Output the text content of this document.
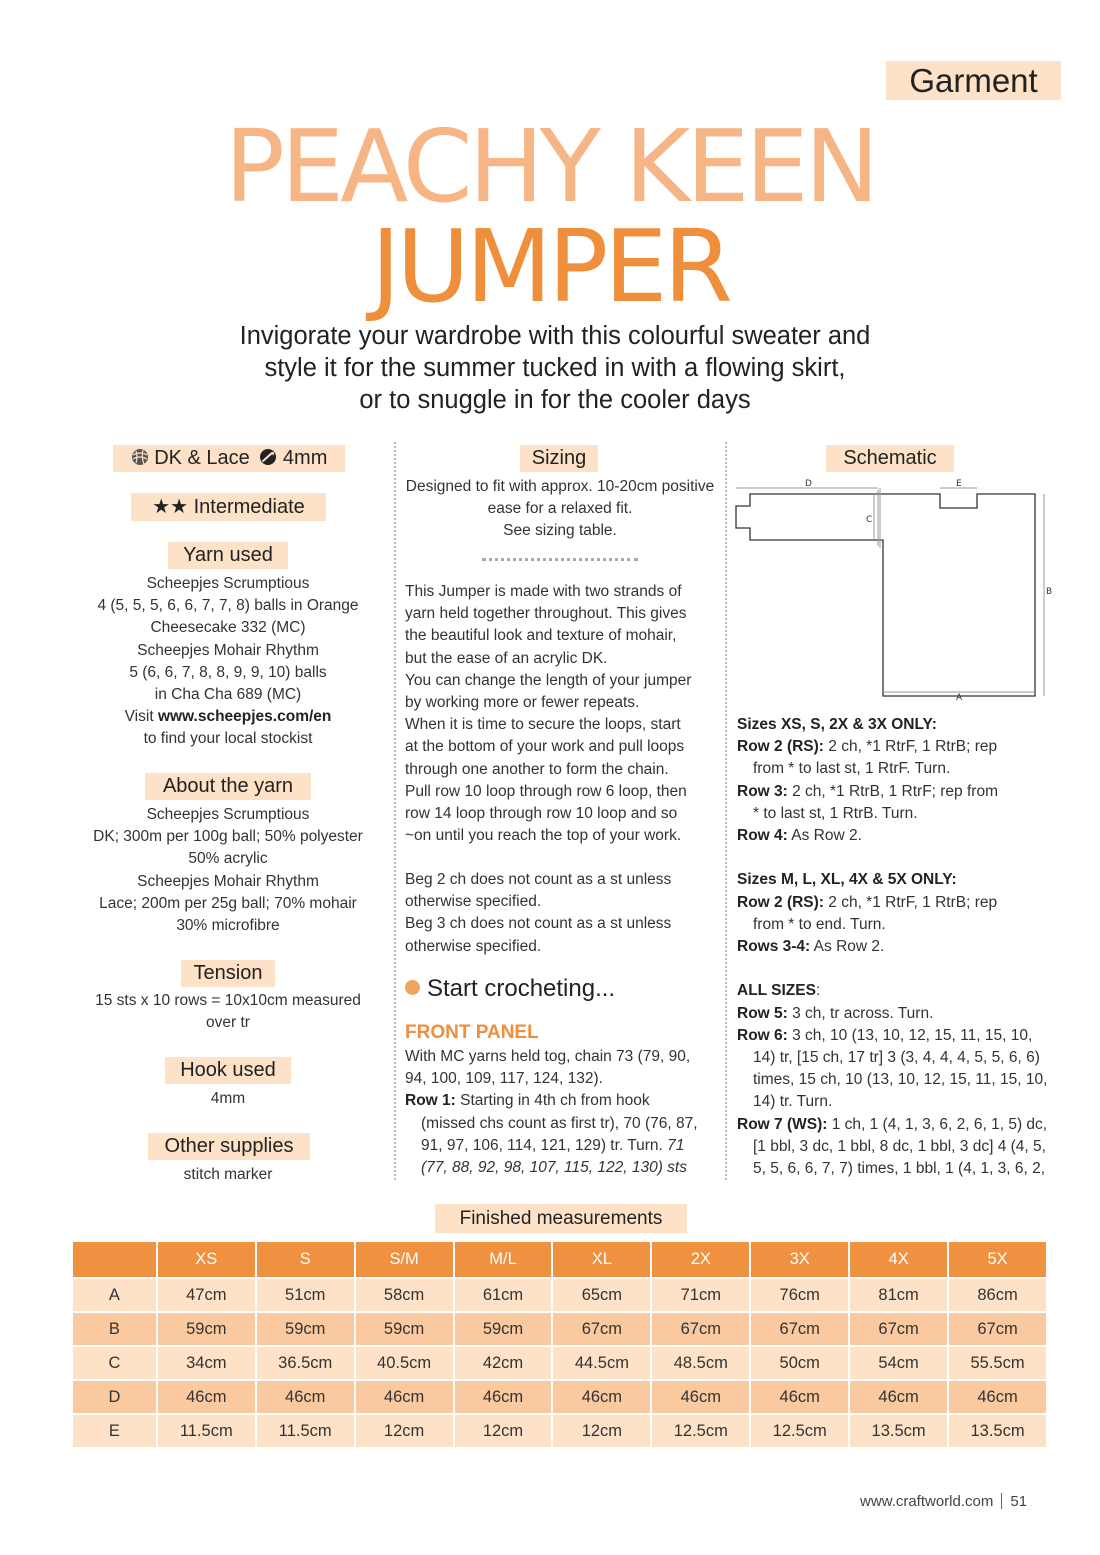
Garment
PEACHY KEEN
JUMPER
Invigorate your wardrobe with this colourful sweater and
style it for the summer tucked in with a flowing skirt,
or to snuggle in for the cooler days
DK & Lace 4mm
★★ Intermediate
Yarn used
Scheepjes Scrumptious
4 (5, 5, 5, 6, 6, 7, 7, 8) balls in Orange
Cheesecake 332 (MC)
Scheepjes Mohair Rhythm
5 (6, 6, 7, 8, 8, 9, 9, 10) balls
in Cha Cha 689 (MC)
Visit www.scheepjes.com/en
to find your local stockist
About the yarn
Scheepjes Scrumptious
DK; 300m per 100g ball; 50% polyester
50% acrylic
Scheepjes Mohair Rhythm
Lace; 200m per 25g ball; 70% mohair
30% microfibre
Tension
15 sts x 10 rows = 10x10cm measured
over tr
Hook used
4mm
Other supplies
stitch marker
Sizing
Designed to fit with approx. 10-20cm positive
ease for a relaxed fit.
See sizing table.
This Jumper is made with two strands of
yarn held together throughout. This gives
the beautiful look and texture of mohair,
but the ease of an acrylic DK.
You can change the length of your jumper
by working more or fewer repeats.
When it is time to secure the loops, start
at the bottom of your work and pull loops
through one another to form the chain.
Pull row 10 loop through row 6 loop, then
row 14 loop through row 10 loop and so
~on until you reach the top of your work.
Beg 2 ch does not count as a st unless
otherwise specified.
Beg 3 ch does not count as a st unless
otherwise specified.
Start crocheting...
FRONT PANEL
With MC yarns held tog, chain 73 (79, 90,
94, 100, 109, 117, 124, 132).
Row 1: Starting in 4th ch from hook
(missed chs count as first tr), 70 (76, 87,
91, 97, 106, 114, 121, 129) tr. Turn. 71
(77, 88, 92, 98, 107, 115, 122, 130) sts
Schematic
D	E
C
B
A
Sizes XS, S, 2X & 3X ONLY:
Row 2 (RS): 2 ch, *1 RtrF, 1 RtrB; rep
from * to last st, 1 RtrF. Turn.
Row 3: 2 ch, *1 RtrB, 1 RtrF; rep from
* to last st, 1 RtrB. Turn.
Row 4: As Row 2.

Sizes M, L, XL, 4X & 5X ONLY:
Row 2 (RS): 2 ch, *1 RtrF, 1 RtrB; rep
from * to end. Turn.
Rows 3-4: As Row 2.

ALL SIZES:
Row 5: 3 ch, tr across. Turn.
Row 6: 3 ch, 10 (13, 10, 12, 15, 11, 15, 10,
14) tr, [15 ch, 17 tr] 3 (3, 4, 4, 4, 5, 5, 6, 6)
times, 15 ch, 10 (13, 10, 12, 15, 11, 15, 10,
14) tr. Turn.
Row 7 (WS): 1 ch, 1 (4, 1, 3, 6, 2, 6, 1, 5) dc,
[1 bbl, 3 dc, 1 bbl, 8 dc, 1 bbl, 3 dc] 4 (4, 5,
5, 5, 6, 6, 7, 7) times, 1 bbl, 1 (4, 1, 3, 6, 2,
Finished measurements
	XS	S	S/M	M/L	XL	2X	3X	4X	5X
A	47cm	51cm	58cm	61cm	65cm	71cm	76cm	81cm	86cm
B	59cm	59cm	59cm	59cm	67cm	67cm	67cm	67cm	67cm
C	34cm	36.5cm	40.5cm	42cm	44.5cm	48.5cm	50cm	54cm	55.5cm
D	46cm	46cm	46cm	46cm	46cm	46cm	46cm	46cm	46cm
E	11.5cm	11.5cm	12cm	12cm	12cm	12.5cm	12.5cm	13.5cm	13.5cm
www.craftworld.com 51
